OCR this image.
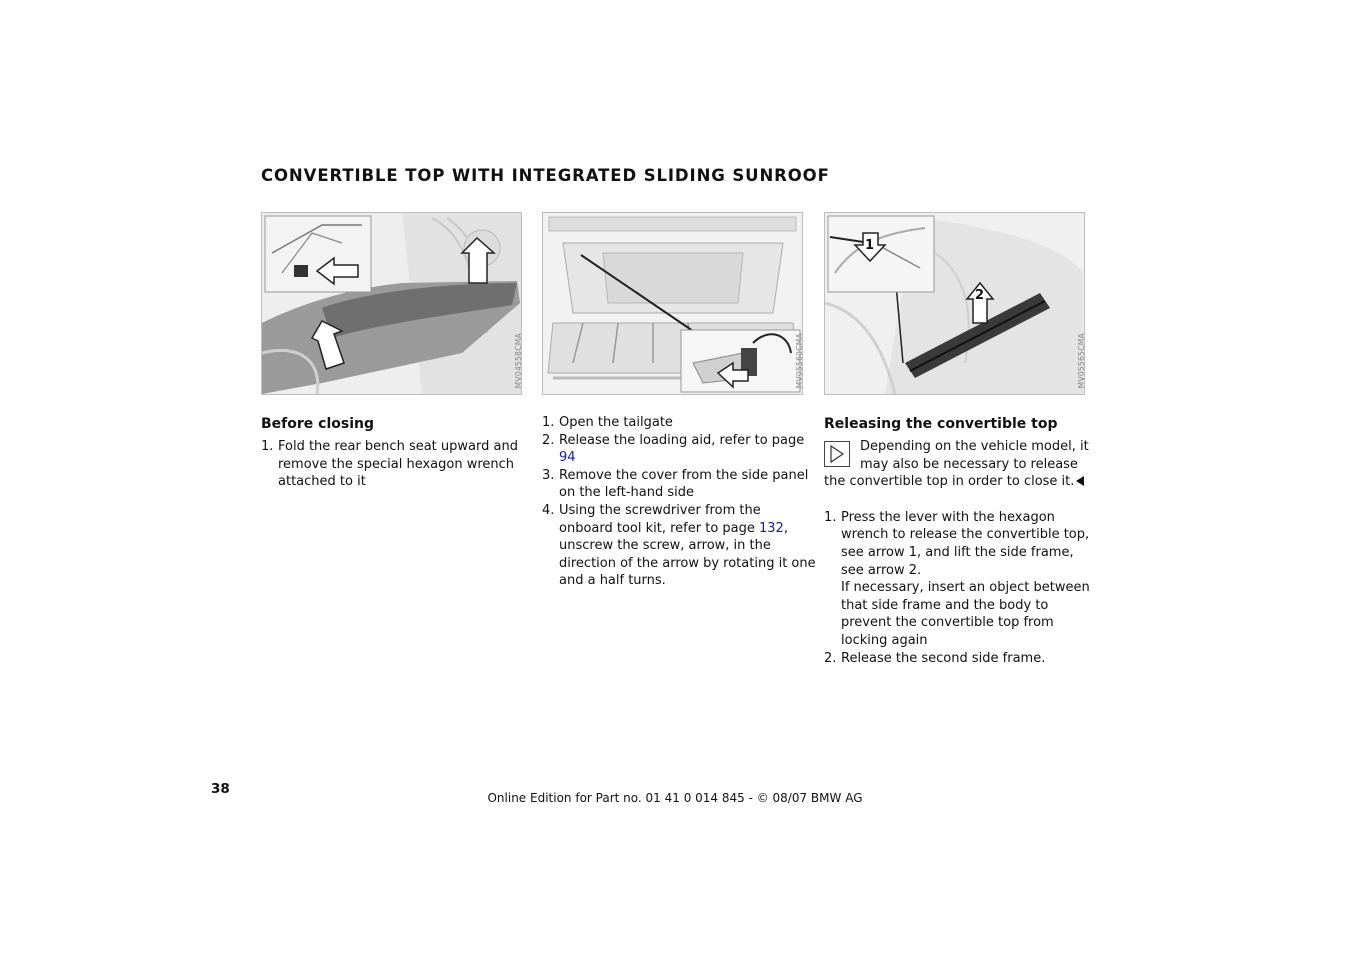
CONVERTIBLE TOP WITH INTEGRATED SLIDING SUNROOF
MV04558CMA	MV05560CMA
1
2
MV05565CMA
Before closing
1. Fold the rear bench seat upward and remove the special hexagon wrench attached to it
1. Open the tailgate
2. Release the loading aid, refer to page 94
3. Remove the cover from the side panel on the left-hand side
4. Using the screwdriver from the onboard tool kit, refer to page 132, unscrew the screw, arrow, in the direction of the arrow by rotating it one and a half turns.
Releasing the convertible top
Depending on the vehicle model, it may also be necessary to release the convertible top in order to close it.
1. Press the lever with the hexagon wrench to release the convertible top, see arrow 1, and lift the side frame, see arrow 2.
If necessary, insert an object between that side frame and the body to prevent the convertible top from locking again
2. Release the second side frame.
38
Online Edition for Part no. 01 41 0 014 845 - © 08/07 BMW AG
